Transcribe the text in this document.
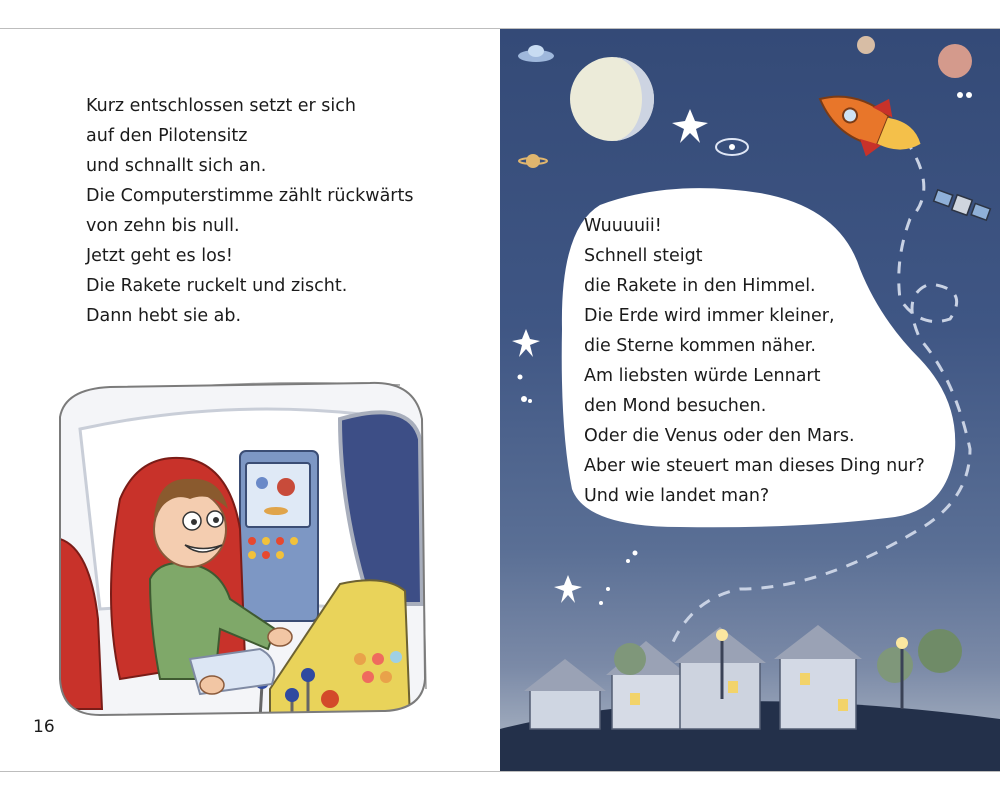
Kurz entschlossen setzt er sich
auf den Pilotensitz
und schnallt sich an.
Die Computerstimme zählt rückwärts
von zehn bis null.
Jetzt geht es los!
Die Rakete ruckelt und zischt.
Dann hebt sie ab.
16
Wuuuuii!
Schnell steigt
die Rakete in den Himmel.
Die Erde wird immer kleiner,
die Sterne kommen näher.
Am liebsten würde Lennart
den Mond besuchen.
Oder die Venus oder den Mars.
Aber wie steuert man dieses Ding nur?
Und wie landet man?
